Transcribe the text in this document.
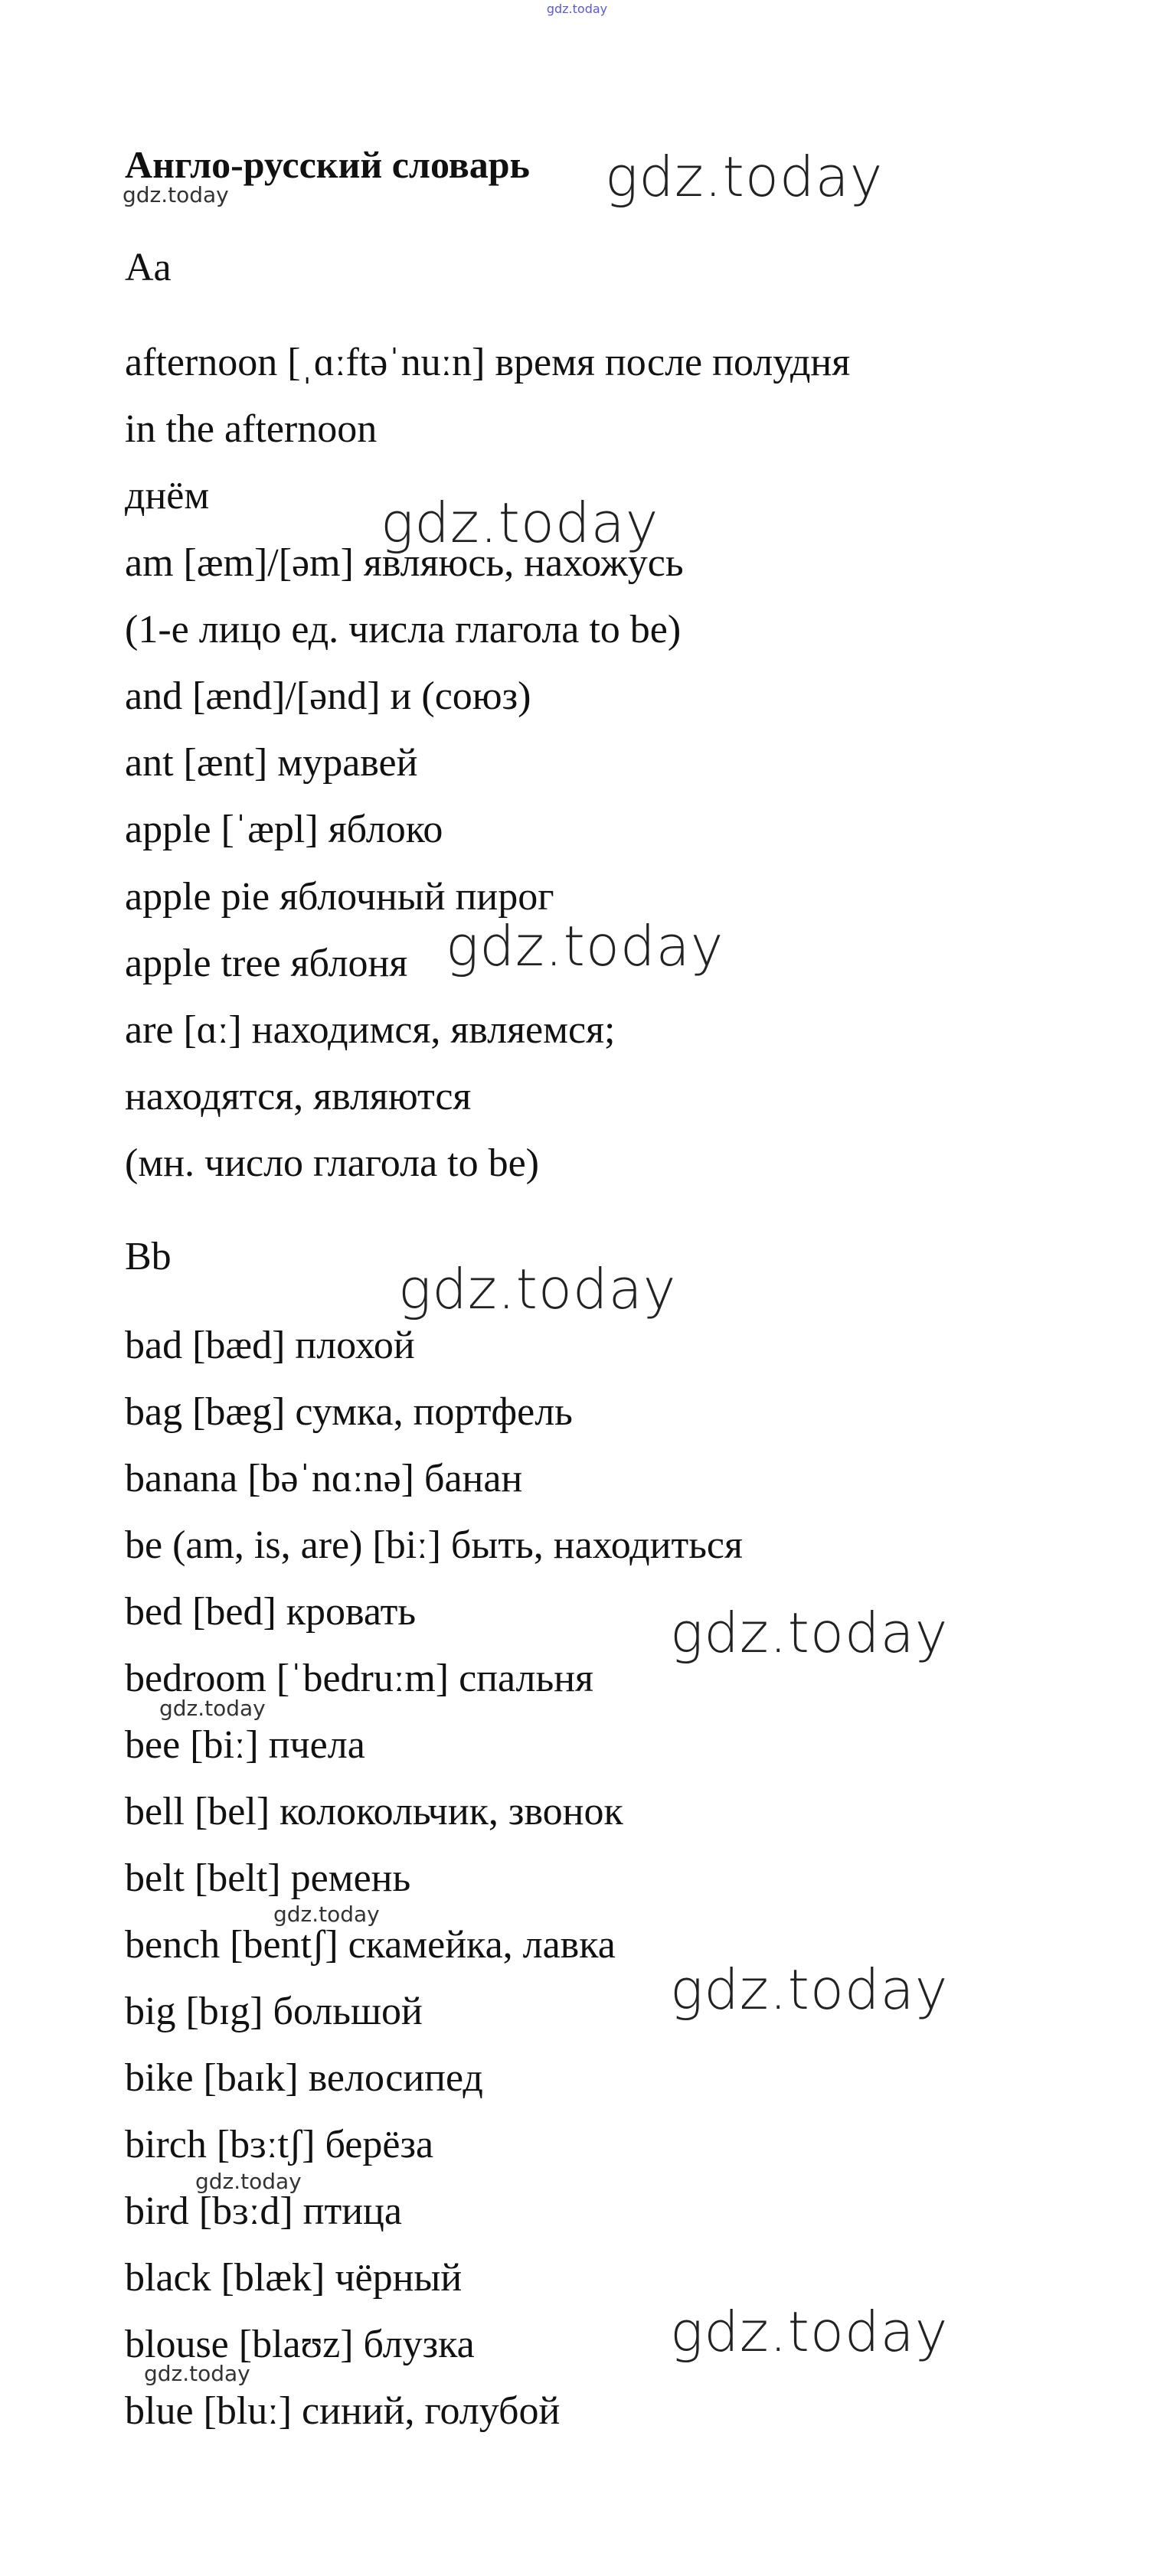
gdz.today
Англо-русский словарь
Aa
afternoon [ˌɑːftəˈnuːn] время после полудня
in the afternoon
днём
am [æm]/[əm] являюсь, нахожусь
(1-е лицо ед. числа глагола to be)
and [ænd]/[ənd] и (союз)
ant [ænt] муравей
apple [ˈæpl] яблоко
apple pie яблочный пирог
apple tree яблоня
are [ɑː] находимся, являемся;
находятся, являются
(мн. число глагола to be)
Bb
bad [bæd] плохой
bag [bæg] сумка, портфель
banana [bəˈnɑːnə] банан
be (am, is, are) [biː] быть, находиться
bed [bed] кровать
bedroom [ˈbedruːm] спальня
bee [biː] пчела
bell [bel] колокольчик, звонок
belt [belt] ремень
bench [bentʃ] скамейка, лавка
big [bɪg] большой
bike [baɪk] велосипед
birch [bɜːtʃ] берёза
bird [bɜːd] птица
black [blæk] чёрный
blouse [blaʊz] блузка
blue [bluː] синий, голубой
gdz.today
gdz.today
gdz.today
gdz.today
gdz.today
gdz.today
gdz.today
gdz.today
gdz.today
gdz.today
gdz.today
gdz.today
